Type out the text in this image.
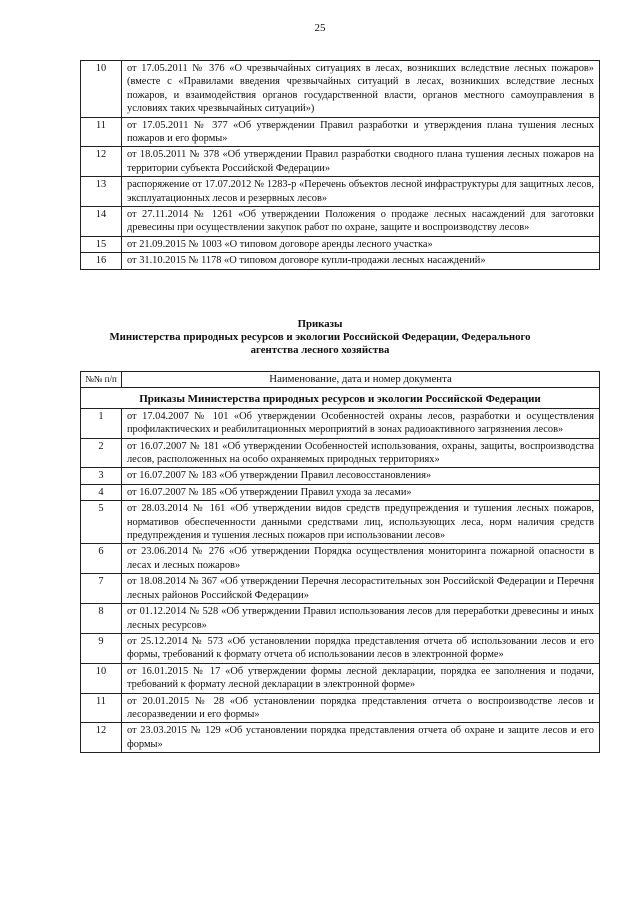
25
10	от 17.05.2011 № 376 «О чрезвычайных ситуациях в лесах, возникших вследствие лесных пожаров» (вместе с «Правилами введения чрезвычайных ситуаций в лесах, возникших вследствие лесных пожаров, и взаимодействия органов государственной власти, органов местного самоуправления в условиях таких чрезвычайных ситуаций»)
11	от 17.05.2011 № 377 «Об утверждении Правил разработки и утверждения плана тушения лесных пожаров и его формы»
12	от 18.05.2011 № 378 «Об утверждении Правил разработки сводного плана тушения лесных пожаров на территории субъекта Российской Федерации»
13	распоряжение от 17.07.2012 № 1283-р «Перечень объектов лесной инфраструктуры для защитных лесов, эксплуатационных лесов и резервных лесов»
14	от 27.11.2014 № 1261 «Об утверждении Положения о продаже лесных насаждений для заготовки древесины при осуществлении закупок работ по охране, защите и воспроизводству лесов»
15	от 21.09.2015 № 1003 «О типовом договоре аренды лесного участка»
16	от 31.10.2015 № 1178 «О типовом договоре купли-продажи лесных насаждений»
Приказы
Министерства природных ресурсов и экологии Российской Федерации, Федерального
агентства лесного хозяйства
№№ п/п	Наименование, дата и номер документа
Приказы Министерства природных ресурсов и экологии Российской Федерации	
1	от 17.04.2007 № 101 «Об утверждении Особенностей охраны лесов, разработки и осуществления профилактических и реабилитационных мероприятий в зонах радиоактивного загрязнения лесов»
2	от 16.07.2007 № 181 «Об утверждении Особенностей использования, охраны, защиты, воспроизводства лесов, расположенных на особо охраняемых природных территориях»
3	от 16.07.2007 № 183 «Об утверждении Правил лесовосстановления»
4	от 16.07.2007 № 185 «Об утверждении Правил ухода за лесами»
5	от 28.03.2014 № 161 «Об утверждении видов средств предупреждения и тушения лесных пожаров, нормативов обеспеченности данными средствами лиц, использующих леса, норм наличия средств предупреждения и тушения лесных пожаров при использовании лесов»
6	от 23.06.2014 № 276 «Об утверждении Порядка осуществления мониторинга пожарной опасности в лесах и лесных пожаров»
7	от 18.08.2014 № 367 «Об утверждении Перечня лесорастительных зон Российской Федерации и Перечня лесных районов Российской Федерации»
8	от 01.12.2014 № 528 «Об утверждении Правил использования лесов для переработки древесины и иных лесных ресурсов»
9	от 25.12.2014 № 573 «Об установлении порядка представления отчета об использовании лесов и его формы, требований к формату отчета об использовании лесов в электронной форме»
10	от 16.01.2015 № 17 «Об утверждении формы лесной декларации, порядка ее заполнения и подачи, требований к формату лесной декларации в электронной форме»
11	от 20.01.2015 № 28 «Об установлении порядка представления отчета о воспроизводстве лесов и лесоразведении и его формы»
12	от 23.03.2015 № 129 «Об установлении порядка представления отчета об охране и защите лесов и его формы»
